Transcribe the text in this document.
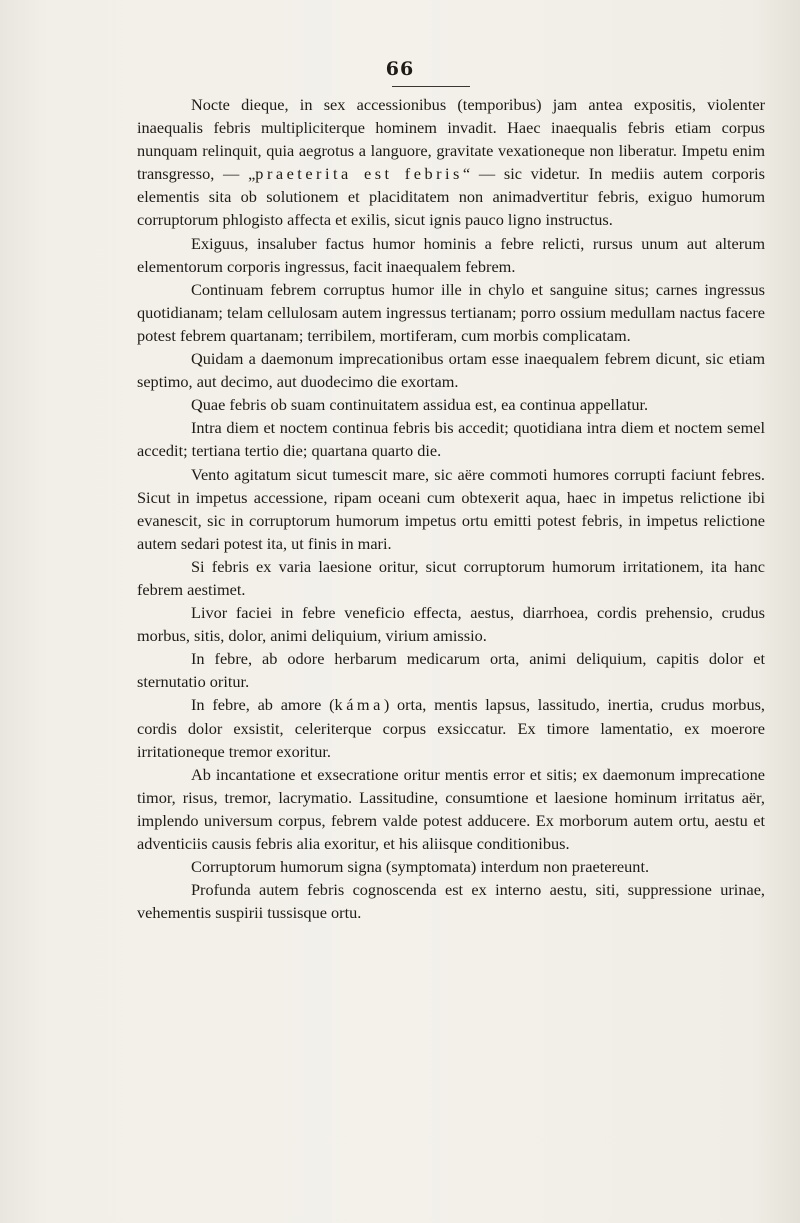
66

Nocte dieque, in sex accessionibus (temporibus) jam antea expositis, violenter inaequalis febris multipliciterque hominem invadit. Haec inaequalis febris etiam corpus nunquam relinquit, quia aegrotus a languore, gravitate vexationeque non liberatur. Impetu enim transgresso, — „praeterita est febris“ — sic videtur. In mediis autem corporis elementis sita ob solutionem et placiditatem non animadvertitur febris, exiguo humorum corruptorum phlogisto affecta et exilis, sicut ignis pauco ligno instructus.

Exiguus, insaluber factus humor hominis a febre relicti, rursus unum aut alterum elementorum corporis ingressus, facit inaequalem febrem.

Continuam febrem corruptus humor ille in chylo et sanguine situs; carnes ingressus quotidianam; telam cellulosam autem ingressus tertianam; porro ossium medullam nactus facere potest febrem quartanam; terribilem, mortiferam, cum morbis complicatam.

Quidam a daemonum imprecationibus ortam esse inaequalem febrem dicunt, sic etiam septimo, aut decimo, aut duodecimo die exortam.

Quae febris ob suam continuitatem assidua est, ea continua appellatur.

Intra diem et noctem continua febris bis accedit; quotidiana intra diem et noctem semel accedit; tertiana tertio die; quartana quarto die.

Vento agitatum sicut tumescit mare, sic aëre commoti humores corrupti faciunt febres. Sicut in impetus accessione, ripam oceani cum obtexerit aqua, haec in impetus relictione ibi evanescit, sic in corruptorum humorum impetus ortu emitti potest febris, in impetus relictione autem sedari potest ita, ut finis in mari.

Si febris ex varia laesione oritur, sicut corruptorum humorum irritationem, ita hanc febrem aestimet.

Livor faciei in febre veneficio effecta, aestus, diarrhoea, cordis prehensio, crudus morbus, sitis, dolor, animi deliquium, virium amissio.

In febre, ab odore herbarum medicarum orta, animi deliquium, capitis dolor et sternutatio oritur.

In febre, ab amore (káma) orta, mentis lapsus, lassitudo, inertia, crudus morbus, cordis dolor exsistit, celeriterque corpus exsiccatur. Ex timore lamentatio, ex moerore irritationeque tremor exoritur.

Ab incantatione et exsecratione oritur mentis error et sitis; ex daemonum imprecatione timor, risus, tremor, lacrymatio. Lassitudine, consumtione et laesione hominum irritatus aër, implendo universum corpus, febrem valde potest adducere. Ex morborum autem ortu, aestu et adventiciis causis febris alia exoritur, et his aliisque conditionibus.

Corruptorum humorum signa (symptomata) interdum non praetereunt.

Profunda autem febris cognoscenda est ex interno aestu, siti, suppressione urinae, vehementis suspirii tussisque ortu.
